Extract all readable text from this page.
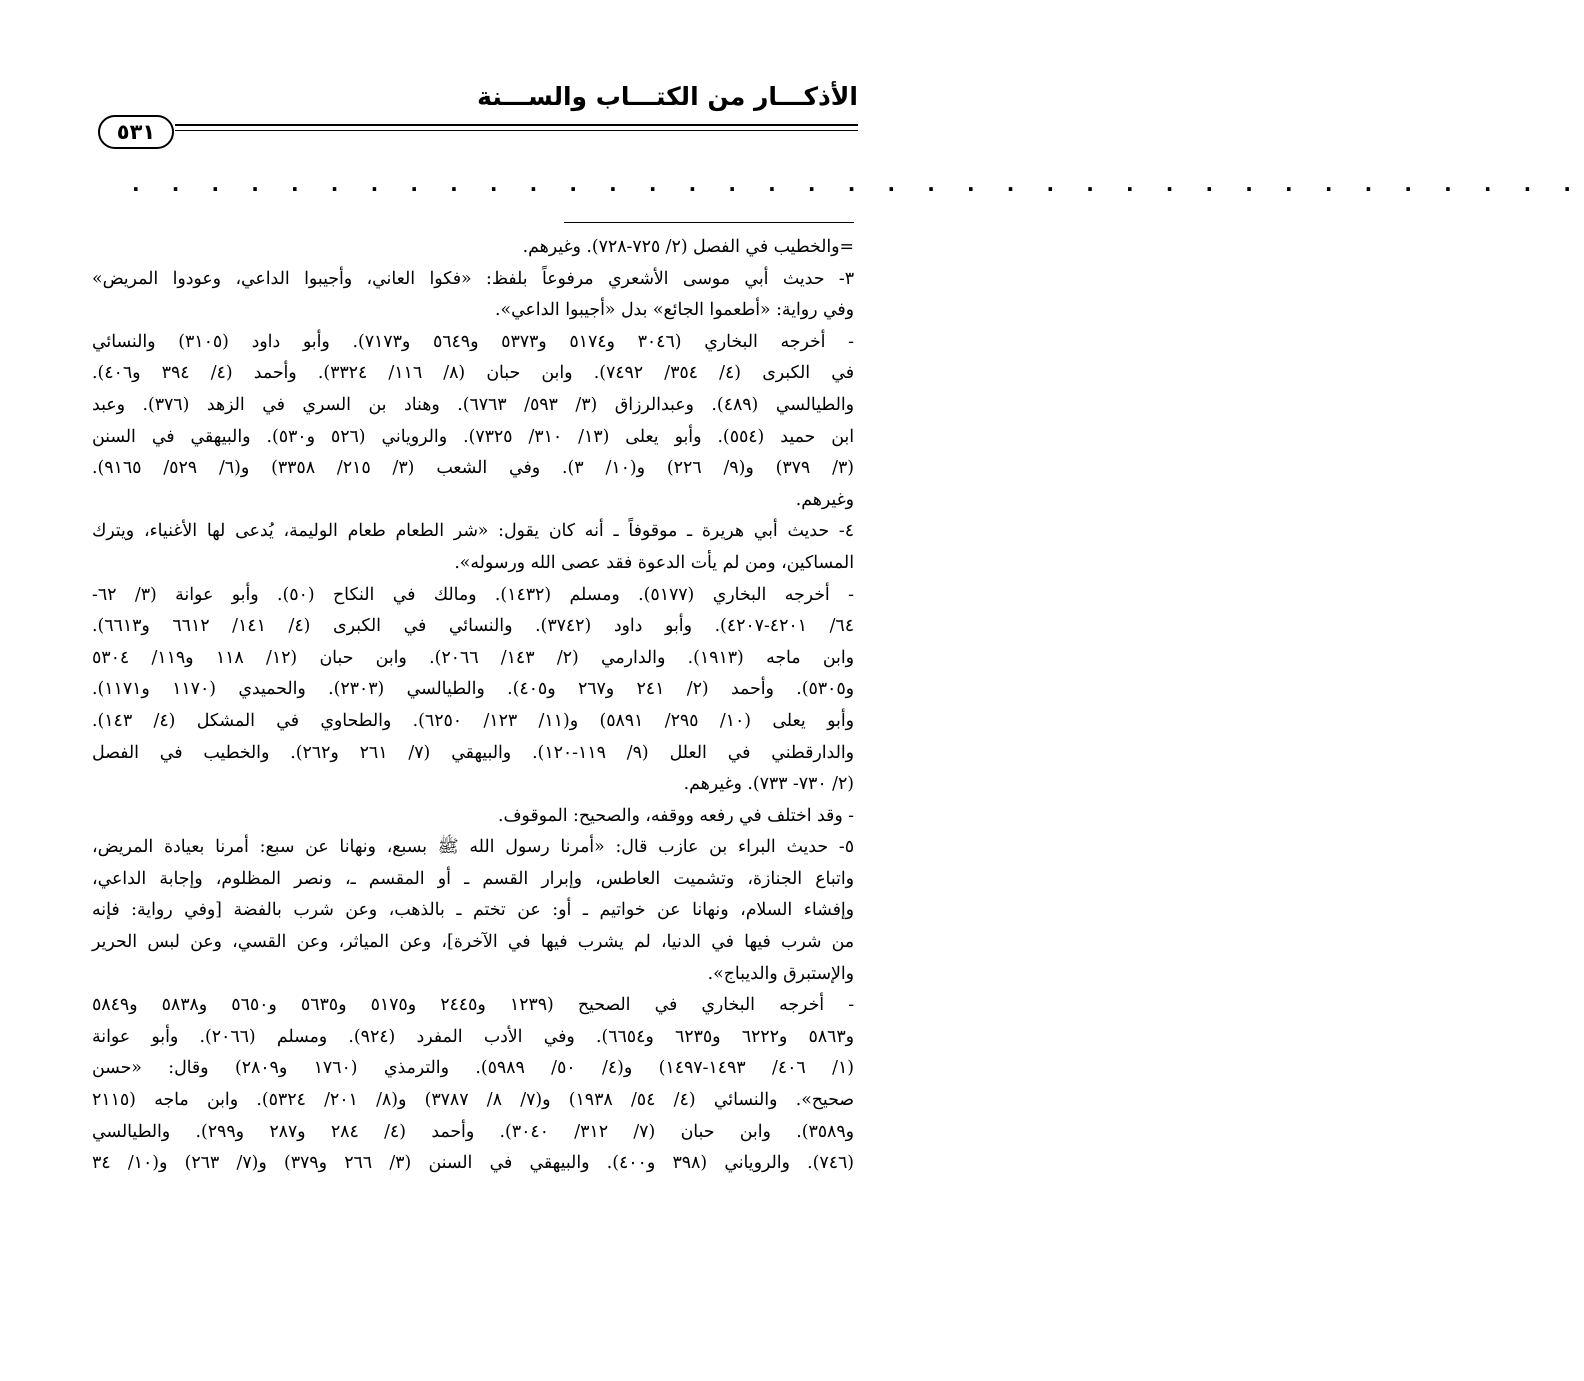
الأذكـــار من الكتـــاب والســـنة
٥٣١
. . . . . . . . . . . . . . . . . . . . . . . . . . . . . . . . . . . . .
=والخطيب في الفصل (٢/ ٧٢٥-٧٢٨). وغيرهم.
٣- حديث أبي موسى الأشعري مرفوعاً بلفظ: «فكوا العاني، وأجيبوا الداعي، وعودوا المريض»
وفي رواية: «أطعموا الجائع» بدل «أجيبوا الداعي».
- أخرجه البخاري (٣٠٤٦ و٥١٧٤ و٥٣٧٣ و٥٦٤٩ و٧١٧٣). وأبو داود (٣١٠٥) والنسائي
في الكبرى (٤/ ٣٥٤/ ٧٤٩٢). وابن حبان (٨/ ١١٦/ ٣٣٢٤). وأحمد (٤/ ٣٩٤ و٤٠٦).
والطيالسي (٤٨٩). وعبدالرزاق (٣/ ٥٩٣/ ٦٧٦٣). وهناد بن السري في الزهد (٣٧٦). وعبد
ابن حميد (٥٥٤). وأبو يعلى (١٣/ ٣١٠/ ٧٣٢٥). والروياني (٥٢٦ و٥٣٠). والبيهقي في السنن
(٣/ ٣٧٩) و(٩/ ٢٢٦) و(١٠/ ٣). وفي الشعب (٣/ ٢١٥/ ٣٣٥٨) و(٦/ ٥٢٩/ ٩١٦٥).
وغيرهم.
٤- حديث أبي هريرة ـ موقوفاً ـ أنه كان يقول: «شر الطعام طعام الوليمة، يُدعى لها الأغنياء، ويترك
المساكين، ومن لم يأت الدعوة فقد عصى الله ورسوله».
- أخرجه البخاري (٥١٧٧). ومسلم (١٤٣٢). ومالك في النكاح (٥٠). وأبو عوانة (٣/ ٦٢-
٦٤/ ٤٢٠١-٤٢٠٧). وأبو داود (٣٧٤٢). والنسائي في الكبرى (٤/ ١٤١/ ٦٦١٢ و٦٦١٣).
وابن ماجه (١٩١٣). والدارمي (٢/ ١٤٣/ ٢٠٦٦). وابن حبان (١٢/ ١١٨ و١١٩/ ٥٣٠٤
و٥٣٠٥). وأحمد (٢/ ٢٤١ و٢٦٧ و٤٠٥). والطيالسي (٢٣٠٣). والحميدي (١١٧٠ و١١٧١).
وأبو يعلى (١٠/ ٢٩٥/ ٥٨٩١) و(١١/ ١٢٣/ ٦٢٥٠). والطحاوي في المشكل (٤/ ١٤٣).
والدارقطني في العلل (٩/ ١١٩-١٢٠). والبيهقي (٧/ ٢٦١ و٢٦٢). والخطيب في الفصل
(٢/ ٧٣٠- ٧٣٣). وغيرهم.
- وقد اختلف في رفعه ووقفه، والصحيح: الموقوف.
٥- حديث البراء بن عازب قال: «أمرنا رسول الله ﷺ بسبع، ونهانا عن سبع: أمرنا بعيادة المريض،
واتباع الجنازة، وتشميت العاطس، وإبرار القسم ـ أو المقسم ـ، ونصر المظلوم، وإجابة الداعي،
وإفشاء السلام، ونهانا عن خواتيم ـ أو: عن تختم ـ بالذهب، وعن شرب بالفضة [وفي رواية: فإنه
من شرب فيها في الدنيا، لم يشرب فيها في الآخرة]، وعن المياثر، وعن القسي، وعن لبس الحرير
والإستبرق والديباج».
- أخرجه البخاري في الصحيح (١٢٣٩ و٢٤٤٥ و٥١٧٥ و٥٦٣٥ و٥٦٥٠ و٥٨٣٨ و٥٨٤٩
و٥٨٦٣ و٦٢٢٢ و٦٢٣٥ و٦٦٥٤). وفي الأدب المفرد (٩٢٤). ومسلم (٢٠٦٦). وأبو عوانة
(١/ ٤٠٦/ ١٤٩٣-١٤٩٧) و(٤/ ٥٠/ ٥٩٨٩). والترمذي (١٧٦٠ و٢٨٠٩) وقال: «حسن
صحيح». والنسائي (٤/ ٥٤/ ١٩٣٨) و(٧/ ٨/ ٣٧٨٧) و(٨/ ٢٠١/ ٥٣٢٤). وابن ماجه (٢١١٥
و٣٥٨٩). وابن حبان (٧/ ٣١٢/ ٣٠٤٠). وأحمد (٤/ ٢٨٤ و٢٨٧ و٢٩٩). والطيالسي
(٧٤٦). والروياني (٣٩٨ و٤٠٠). والبيهقي في السنن (٣/ ٢٦٦ و٣٧٩) و(٧/ ٢٦٣) و(١٠/ ٣٤
